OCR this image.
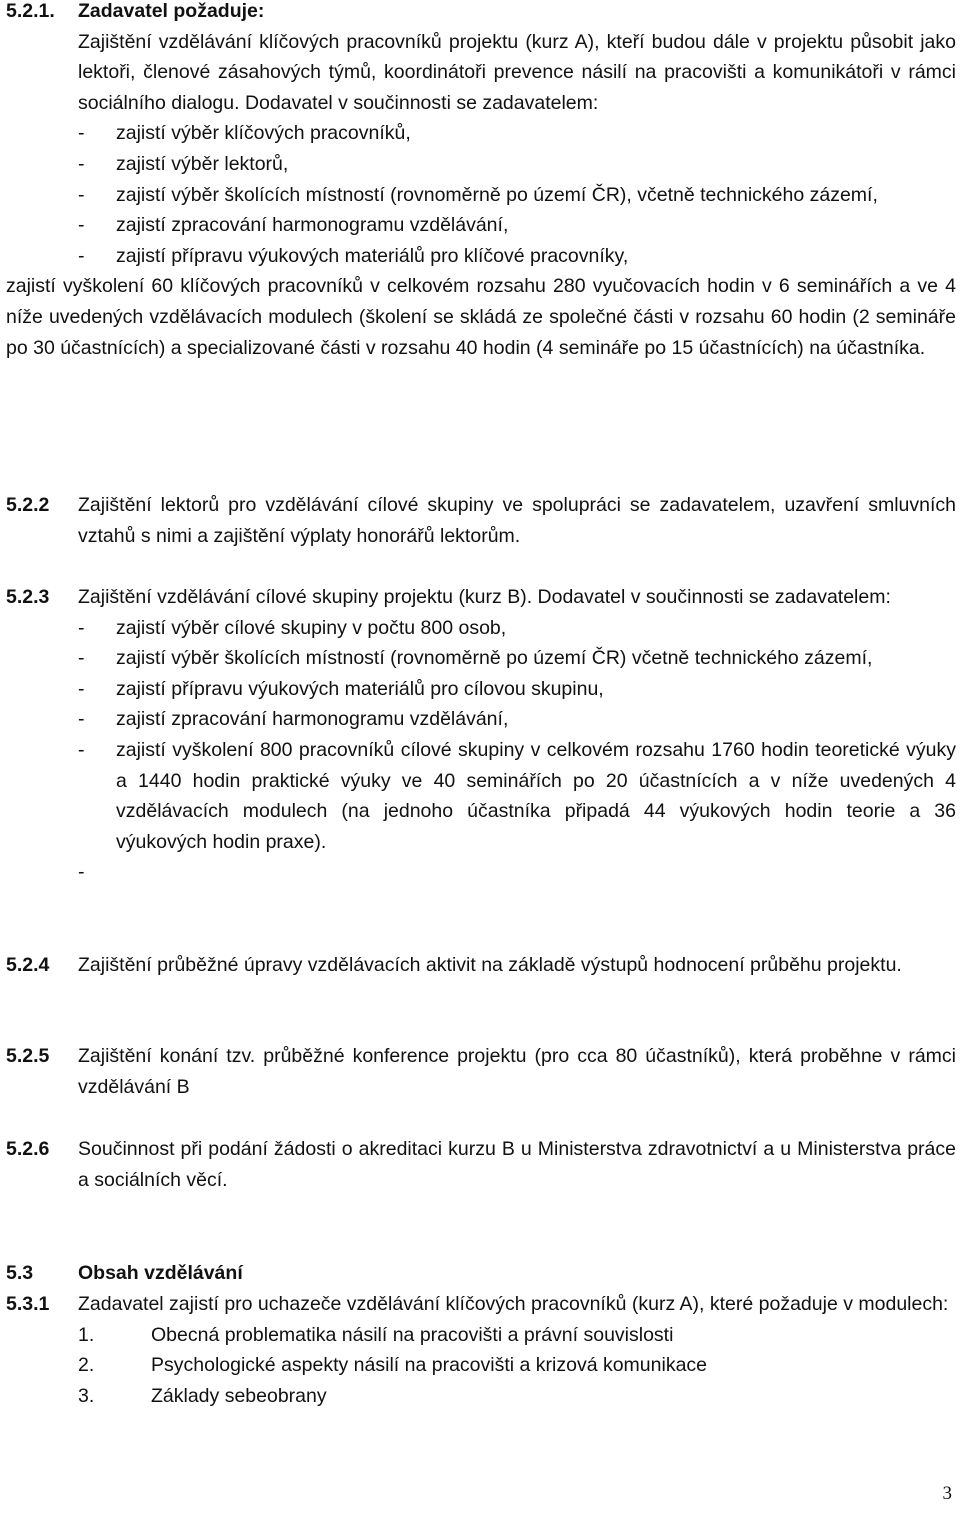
5.2.1.	Zadavatel požaduje:
Zajištění vzdělávání klíčových pracovníků projektu (kurz A), kteří budou dále v projektu působit jako lektoři, členové zásahových týmů, koordinátoři prevence násilí na pracovišti a komunikátoři v rámci sociálního dialogu. Dodavatel v součinnosti se zadavatelem:
-	zajistí výběr klíčových pracovníků,
-	zajistí výběr lektorů,
-	zajistí výběr školících místností (rovnoměrně po území ČR), včetně technického zázemí,
-	zajistí zpracování harmonogramu vzdělávání,
-	zajistí přípravu výukových materiálů pro klíčové pracovníky,
zajistí vyškolení 60 klíčových pracovníků v celkovém rozsahu 280 vyučovacích hodin v 6 seminářích a ve 4 níže uvedených vzdělávacích modulech (školení se skládá ze společné části v rozsahu 60 hodin (2 semináře po 30 účastnících) a specializované části v rozsahu 40 hodin (4 semináře po 15 účastnících) na účastníka.
5.2.2	Zajištění lektorů pro vzdělávání cílové skupiny ve spolupráci se zadavatelem, uzavření smluvních vztahů s nimi a zajištění výplaty honorářů lektorům.
5.2.3	Zajištění vzdělávání cílové skupiny projektu (kurz B). Dodavatel v součinnosti se zadavatelem:
-	zajistí výběr cílové skupiny v počtu 800 osob,
-	zajistí výběr školících místností (rovnoměrně po území ČR) včetně technického zázemí,
-	zajistí přípravu výukových materiálů pro cílovou skupinu,
-	zajistí zpracování harmonogramu vzdělávání,
-	zajistí vyškolení 800 pracovníků cílové skupiny v celkovém rozsahu 1760 hodin teoretické výuky a 1440 hodin praktické výuky ve 40 seminářích po 20 účastnících a v níže uvedených 4 vzdělávacích modulech (na jednoho účastníka připadá 44 výukových hodin teorie a 36 výukových hodin praxe).
-
5.2.4	Zajištění průběžné úpravy vzdělávacích aktivit na základě výstupů hodnocení průběhu projektu.
5.2.5	Zajištění konání tzv. průběžné konference projektu (pro cca 80 účastníků), která proběhne v rámci vzdělávání B
5.2.6	Součinnost při podání žádosti o akreditaci kurzu B u Ministerstva zdravotnictví a u Ministerstva práce a sociálních věcí.
5.3	Obsah vzdělávání
5.3.1	Zadavatel zajistí pro uchazeče vzdělávání klíčových pracovníků (kurz A), které požaduje v modulech:
1.	Obecná problematika násilí na pracovišti a právní souvislosti
2.	Psychologické aspekty násilí na pracovišti a krizová komunikace
3.	Základy sebeobrany
3
